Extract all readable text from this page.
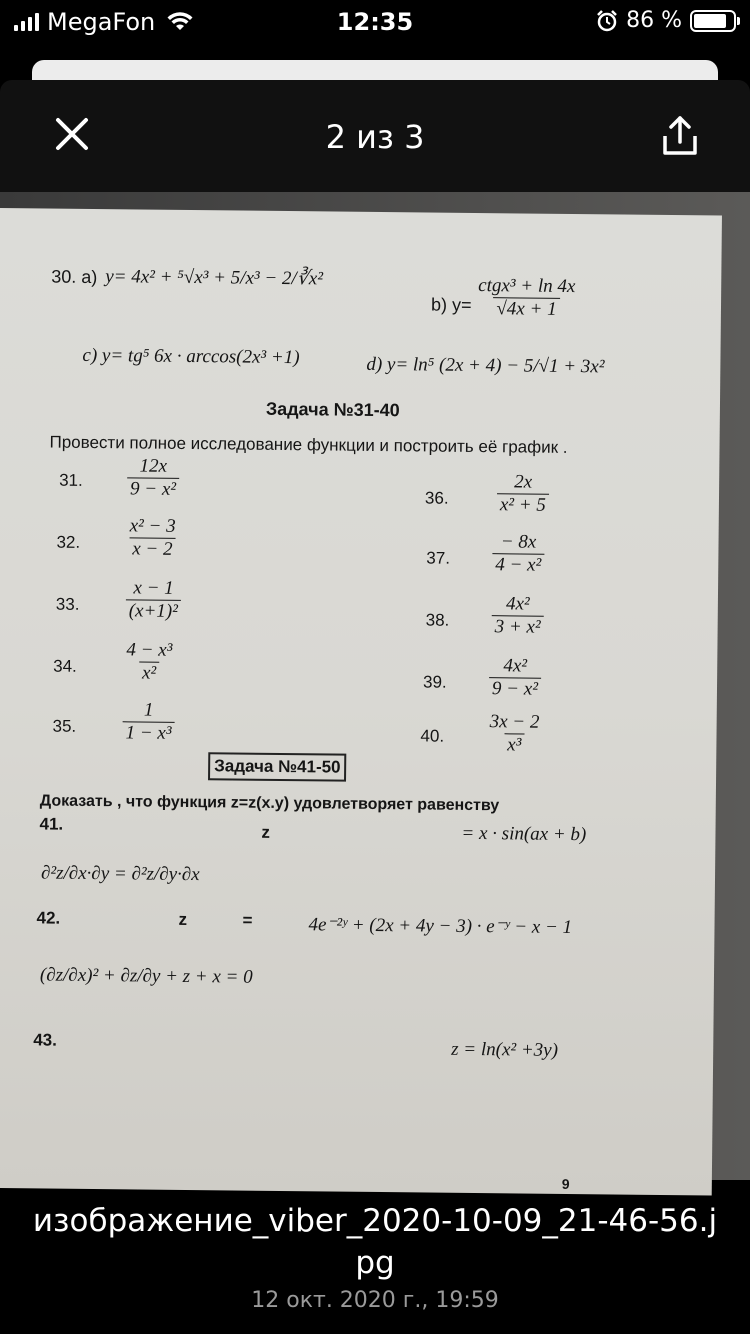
MegaFon	12:35	86 %
2 из 3
30. a) y= 4x² + ⁵√x³ + 5/x³ − 2/∛x²
b) y=
ctgx³ + ln 4x
√4x + 1
c) y= tg⁵ 6x · arccos(2x³ +1)	d) y= ln⁵ (2x + 4) − 5/√1 + 3x²
Задача №31-40
Провести полное исследование функции и построить её график .
31. $\frac{12x}{\text{9 − x²}}$
32. $\frac{\text{x² − 3}}{x - 2}$
33. $\frac{x - 1}{\text{(x+1)²}}$
34. $\frac{\text{4 − x³}}{\text{x²}}$
35. $\frac{1}{\text{1 − x³}}$
36.	$\frac{2x}{\text{x² + 5}}$
37. $\frac{- 8x}{\text{4 − x²}}$
38. $\frac{\text{4x²}}{\text{3 + x²}}$
39. $\frac{\text{4x²}}{\text{9 − x²}}$
40. $\frac{3x - 2}{\text{x³}}$
Задача №41-50
Доказать , что функция z=z(x.y) удовлетворяет равенству
41.	z	= x · sin(ax + b)
∂²z/∂x·∂y = ∂²z/∂y·∂x
42.	z	=	4e⁻²ʸ + (2x + 4y − 3) · e⁻ʸ − x − 1
(∂z/∂x)² + ∂z/∂y + z + x = 0
43.	z = ln(x² +3y)
9
изображение_viber_2020-10-09_21-46-56.jpg
12 окт. 2020 г., 19:59
